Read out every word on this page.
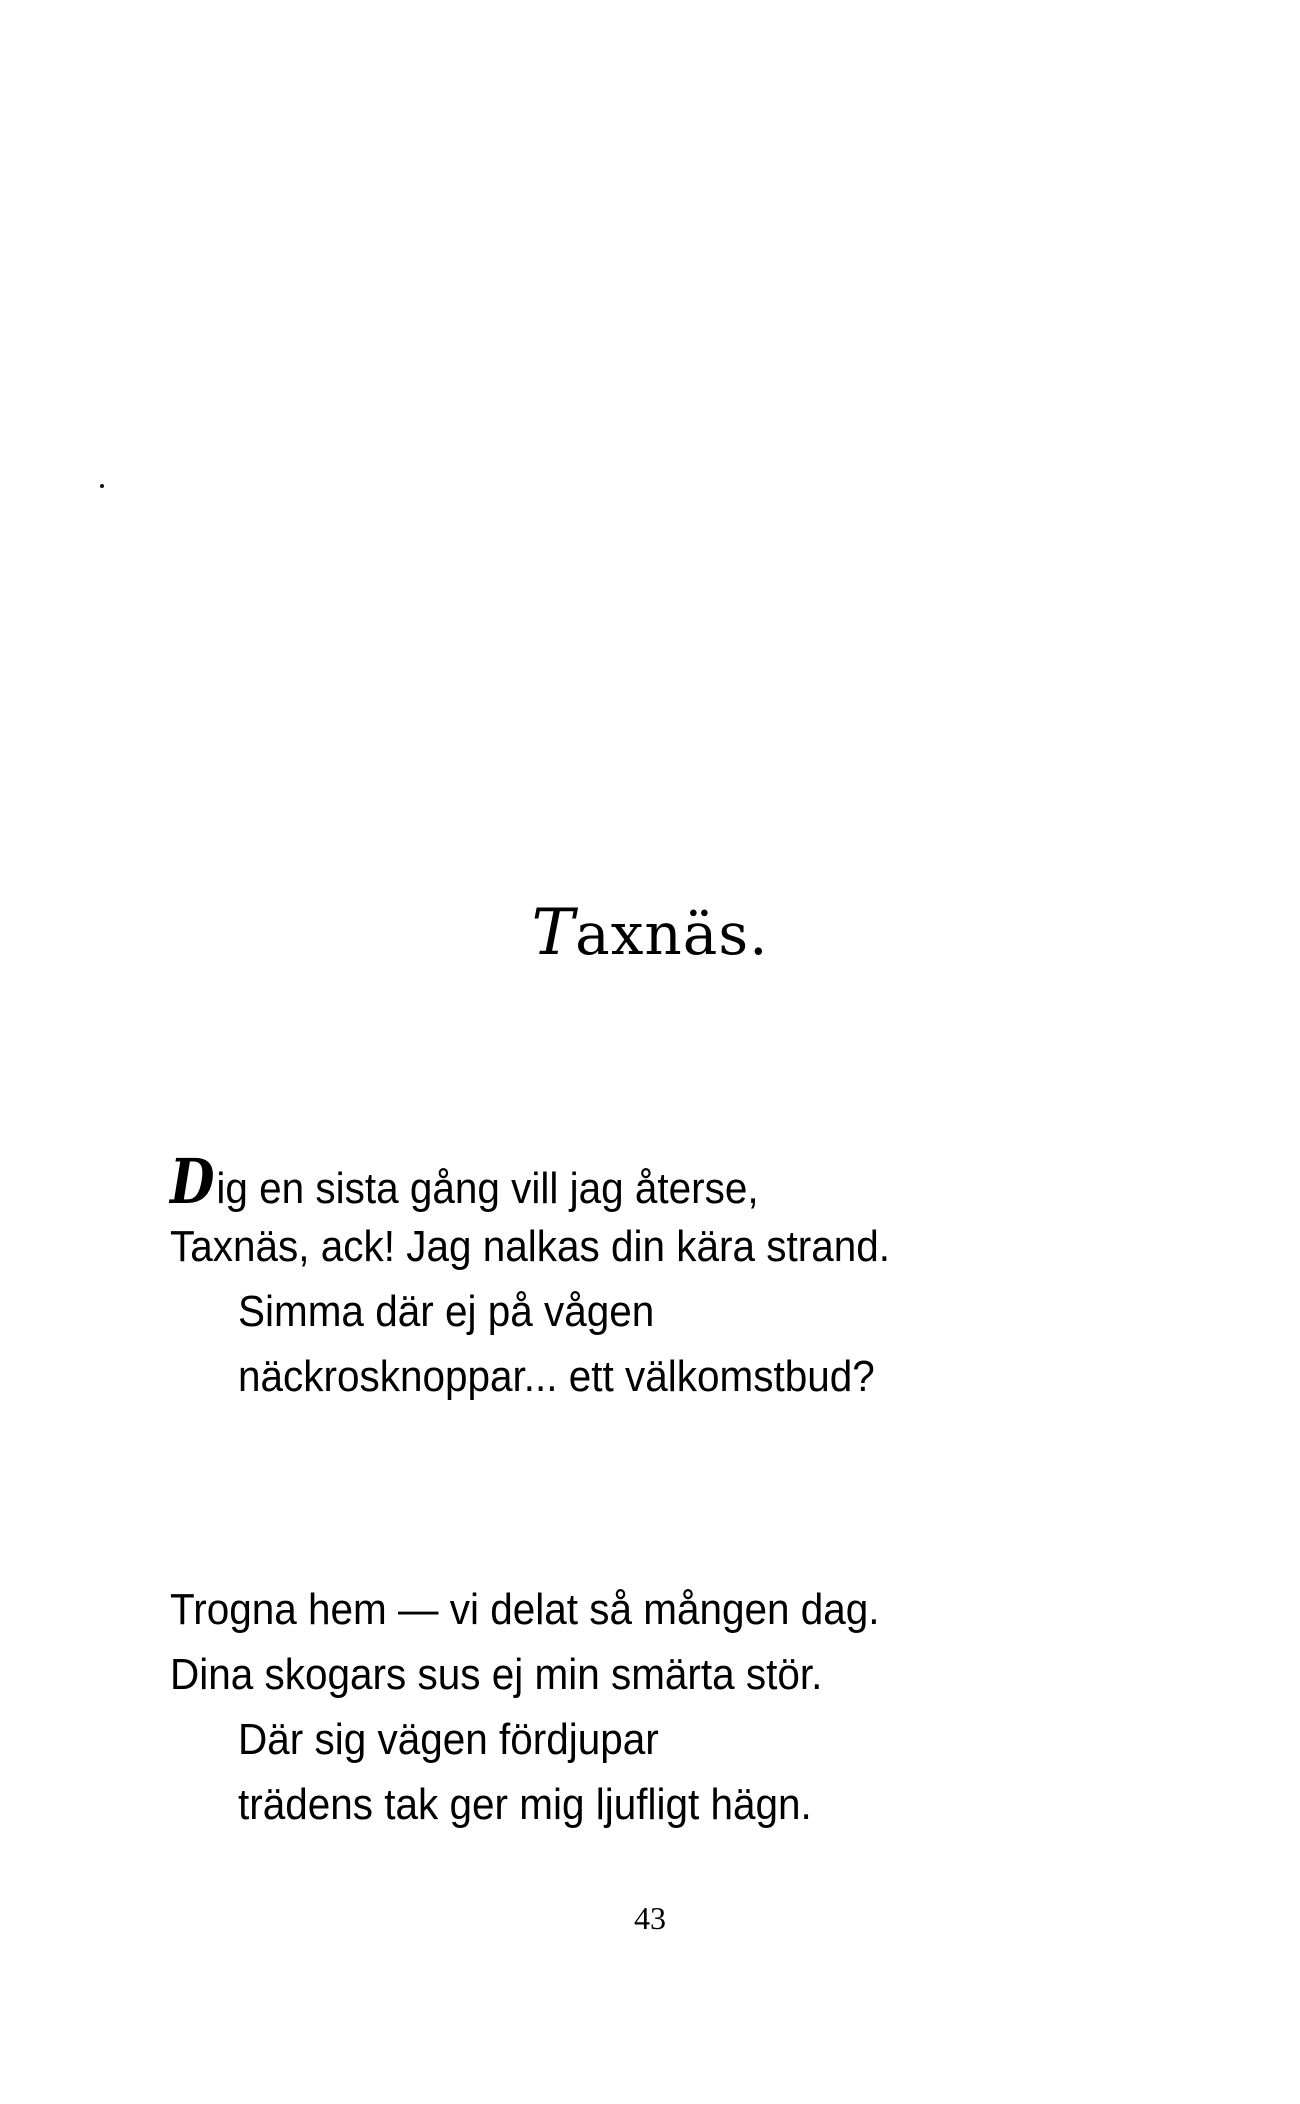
Taxnäs.
Dig en sista gång vill jag återse,
Taxnäs, ack! Jag nalkas din kära strand.
Simma där ej på vågen
näckrosknoppar... ett välkomstbud?
Trogna hem — vi delat så mången dag.
Dina skogars sus ej min smärta stör.
Där sig vägen fördjupar
trädens tak ger mig ljufligt hägn.
43
